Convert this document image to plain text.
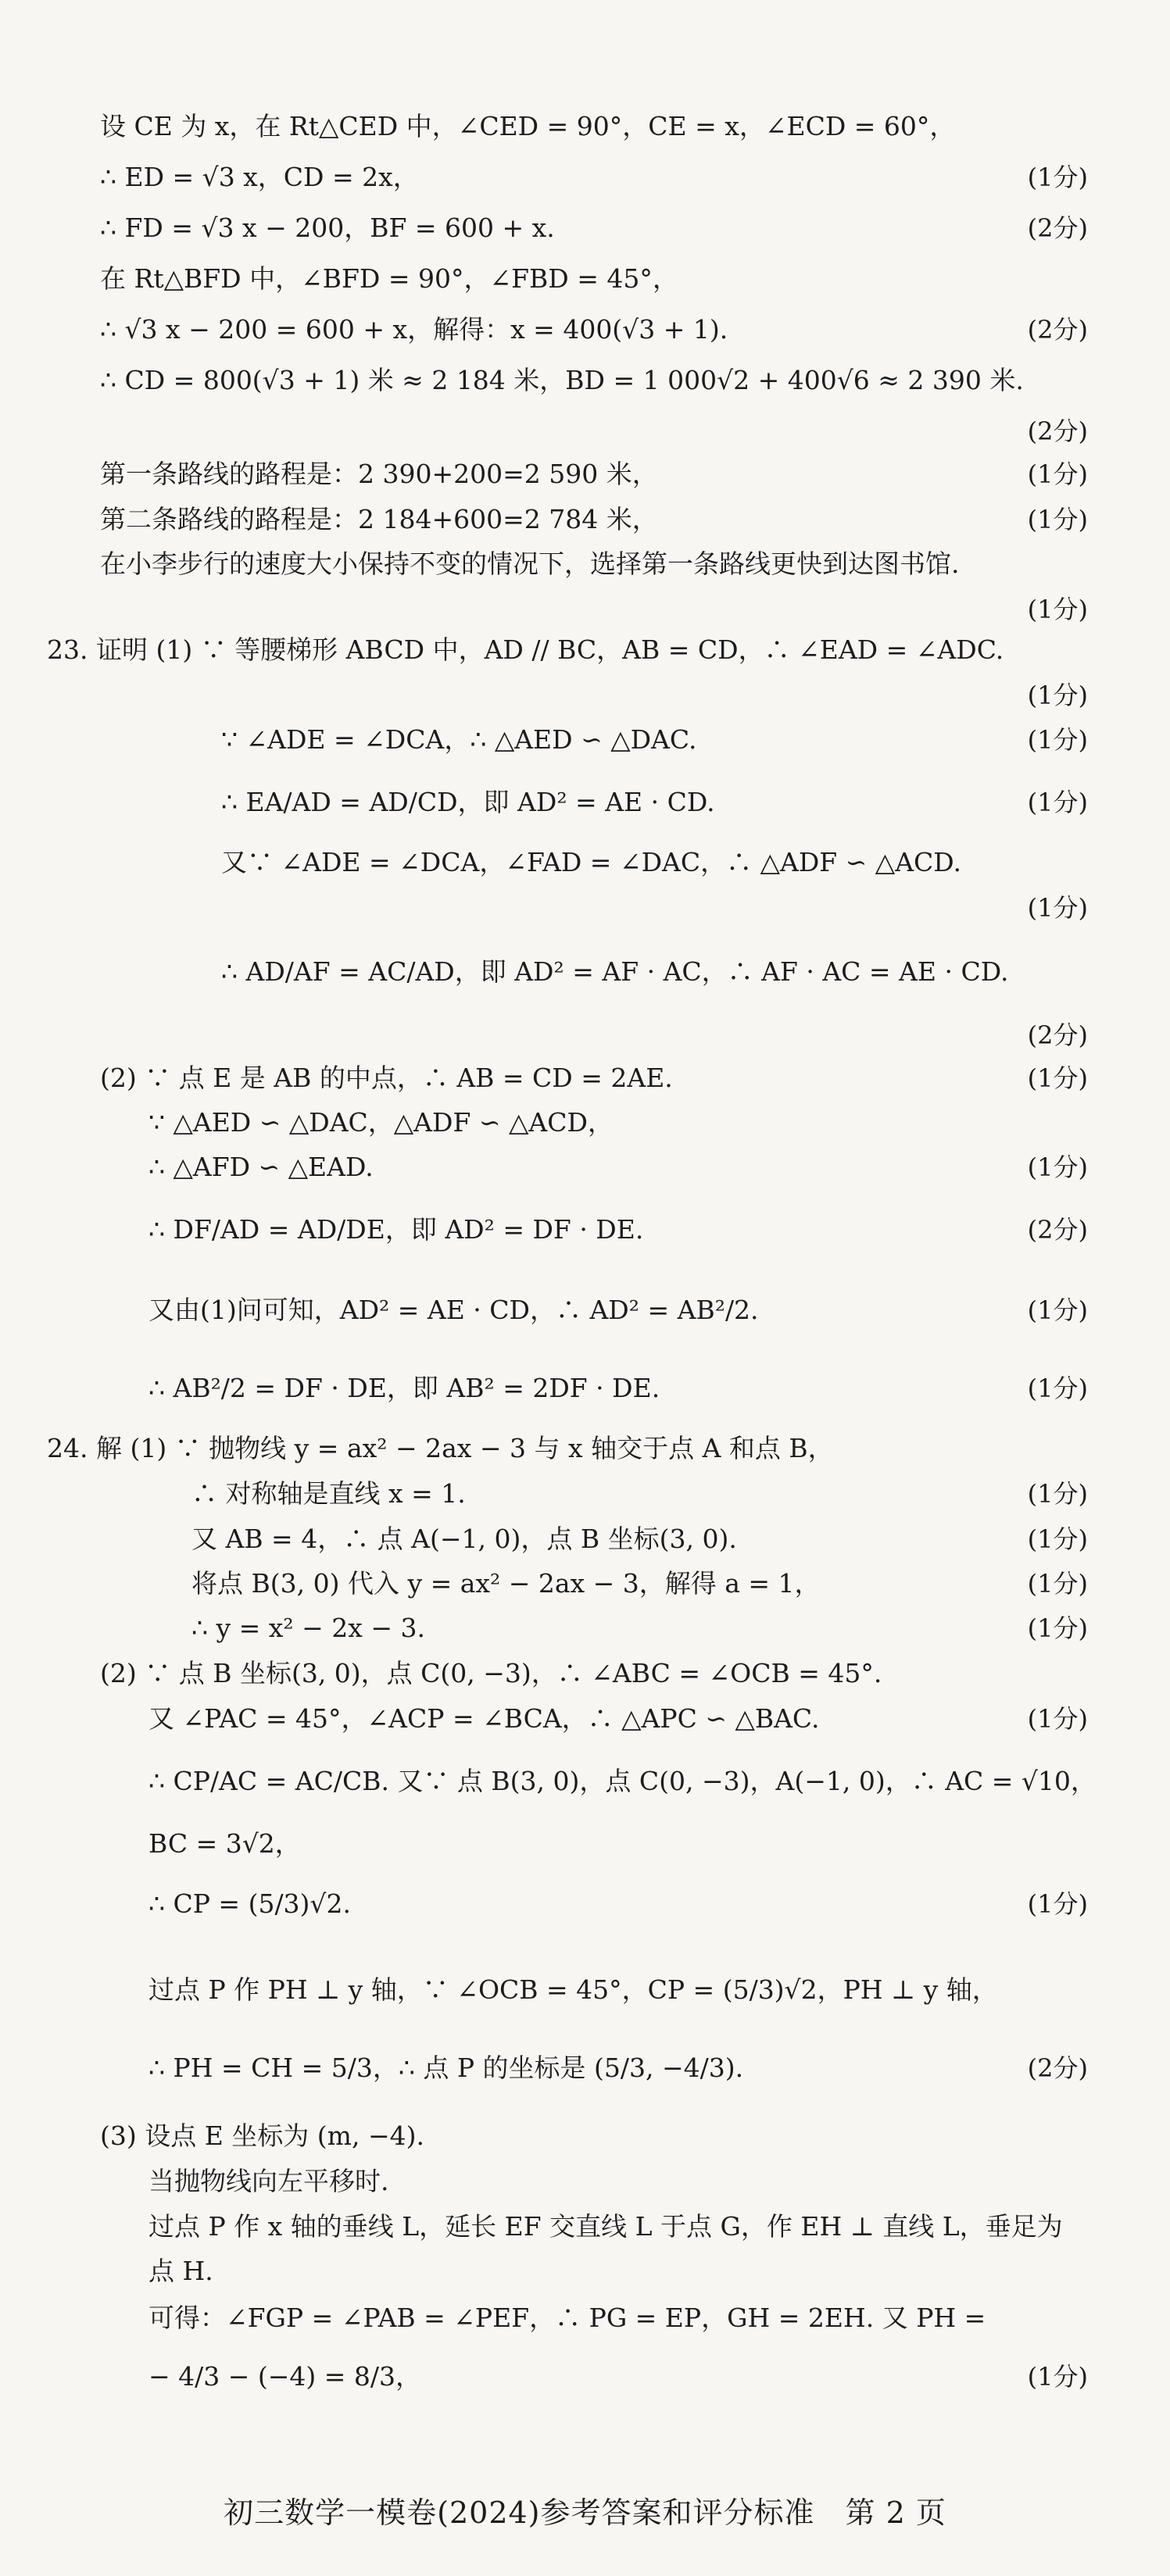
设 CE 为 x，在 Rt△CED 中，∠CED = 90°，CE = x，∠ECD = 60°，
∴ ED = √3 x，CD = 2x，	(1分)
∴ FD = √3 x − 200，BF = 600 + x.	(2分)
在 Rt△BFD 中，∠BFD = 90°，∠FBD = 45°，
∴ √3 x − 200 = 600 + x，解得：x = 400(√3 + 1).	(2分)
∴ CD = 800(√3 + 1) 米 ≈ 2 184 米，BD = 1 000√2 + 400√6 ≈ 2 390 米.
(2分)
第一条路线的路程是：2 390+200=2 590 米，	(1分)
第二条路线的路程是：2 184+600=2 784 米，	(1分)
在小李步行的速度大小保持不变的情况下，选择第一条路线更快到达图书馆.
(1分)
23. 证明 (1) ∵ 等腰梯形 ABCD 中，AD // BC，AB = CD，∴ ∠EAD = ∠ADC.
(1分)
∵ ∠ADE = ∠DCA，∴ △AED ∽ △DAC.	(1分)
∴ EA/AD = AD/CD，即 AD² = AE · CD.	(1分)
又∵ ∠ADE = ∠DCA，∠FAD = ∠DAC，∴ △ADF ∽ △ACD.
(1分)
∴ AD/AF = AC/AD，即 AD² = AF · AC，∴ AF · AC = AE · CD.
(2分)
(2) ∵ 点 E 是 AB 的中点，∴ AB = CD = 2AE.	(1分)
∵ △AED ∽ △DAC，△ADF ∽ △ACD，
∴ △AFD ∽ △EAD.	(1分)
∴ DF/AD = AD/DE，即 AD² = DF · DE.	(2分)
又由(1)问可知，AD² = AE · CD，∴ AD² = AB²/2.	(1分)
∴ AB²/2 = DF · DE，即 AB² = 2DF · DE.	(1分)
24. 解 (1) ∵ 抛物线 y = ax² − 2ax − 3 与 x 轴交于点 A 和点 B，
∴ 对称轴是直线 x = 1.	(1分)
又 AB = 4，∴ 点 A(−1, 0)，点 B 坐标(3, 0).	(1分)
将点 B(3, 0) 代入 y = ax² − 2ax − 3，解得 a = 1，	(1分)
∴ y = x² − 2x − 3.	(1分)
(2) ∵ 点 B 坐标(3, 0)，点 C(0, −3)，∴ ∠ABC = ∠OCB = 45°.
又 ∠PAC = 45°，∠ACP = ∠BCA，∴ △APC ∽ △BAC.	(1分)
∴ CP/AC = AC/CB. 又∵ 点 B(3, 0)，点 C(0, −3)，A(−1, 0)，∴ AC = √10，
BC = 3√2，
∴ CP = (5/3)√2.	(1分)
过点 P 作 PH ⊥ y 轴，∵ ∠OCB = 45°，CP = (5/3)√2，PH ⊥ y 轴，
∴ PH = CH = 5/3，∴ 点 P 的坐标是 (5/3, −4/3).	(2分)
(3) 设点 E 坐标为 (m, −4).
当抛物线向左平移时.
过点 P 作 x 轴的垂线 L，延长 EF 交直线 L 于点 G，作 EH ⊥ 直线 L，垂足为
点 H.
可得：∠FGP = ∠PAB = ∠PEF，∴ PG = EP，GH = 2EH. 又 PH =
− 4/3 − (−4) = 8/3，	(1分)
初三数学一模卷(2024)参考答案和评分标准　第 2 页
